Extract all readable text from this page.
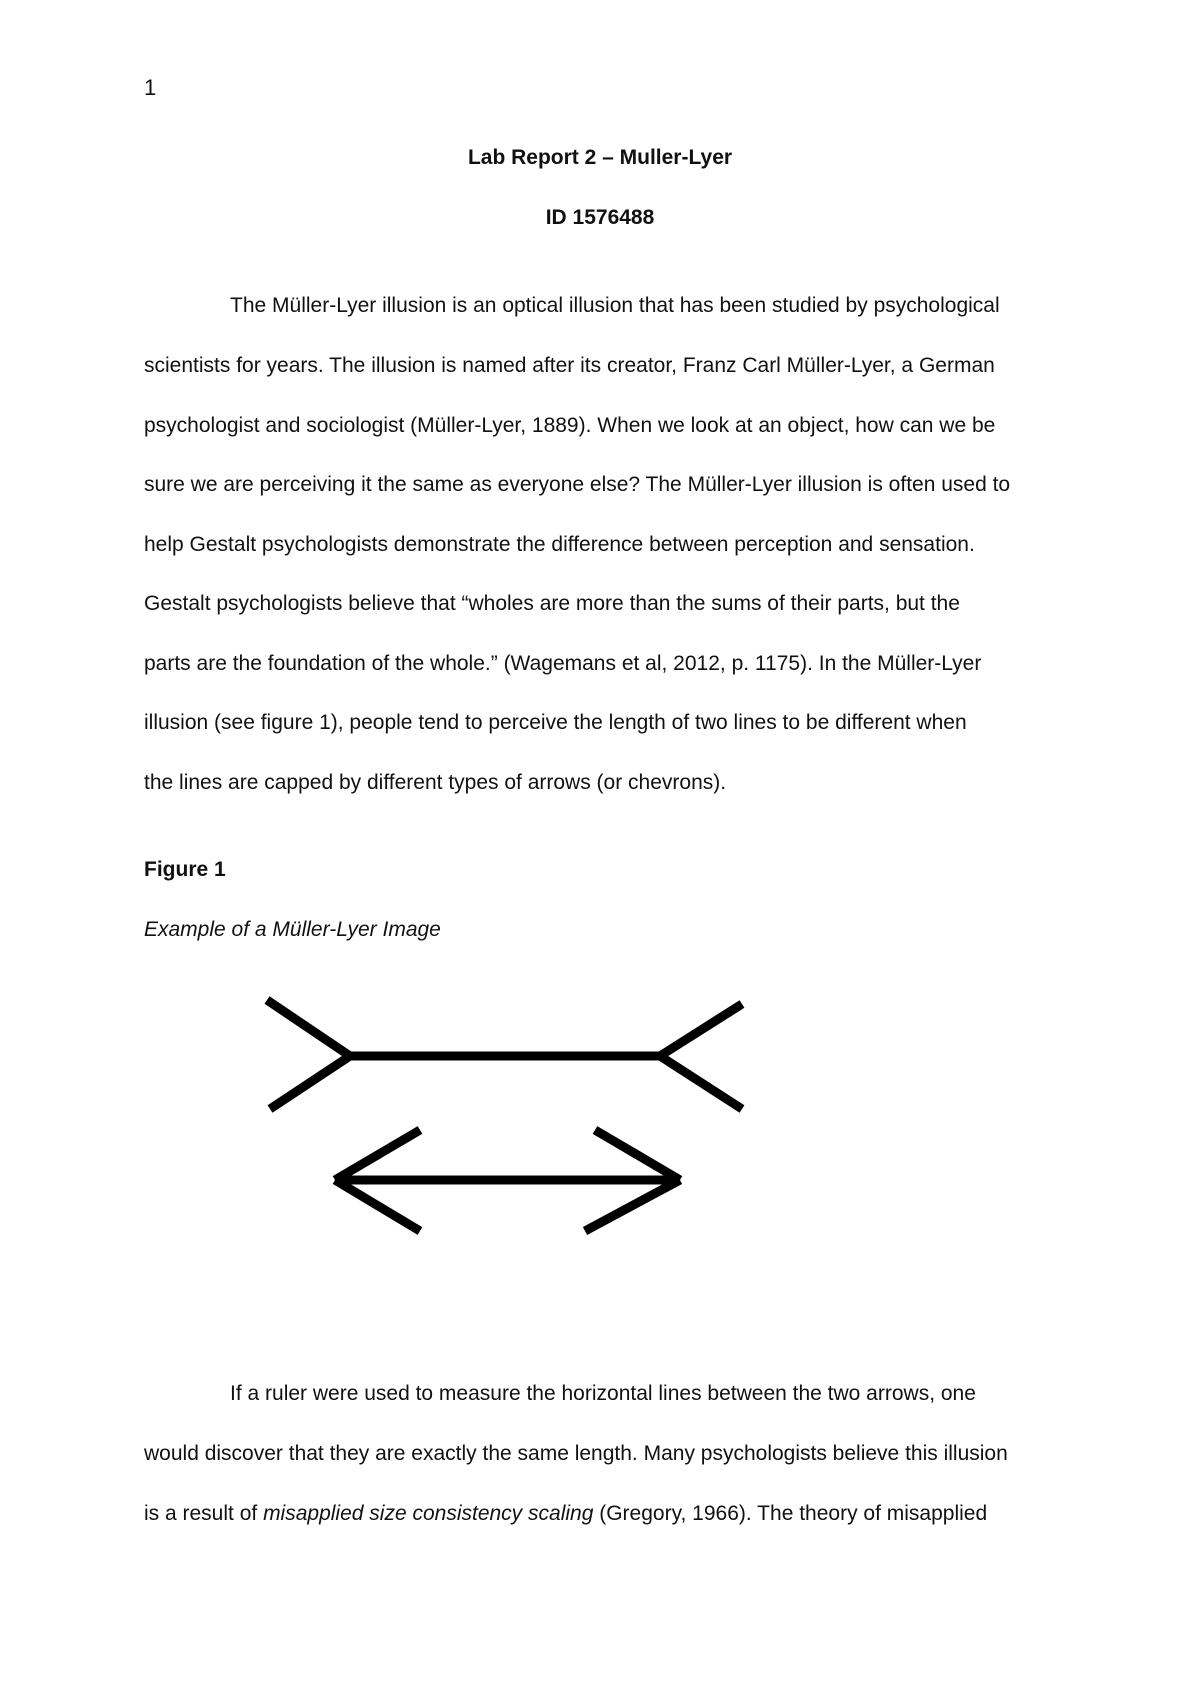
1
Lab Report 2 – Muller-Lyer
ID 1576488
The Müller-Lyer illusion is an optical illusion that has been studied by psychological
scientists for years. The illusion is named after its creator, Franz Carl Müller-Lyer, a German
psychologist and sociologist (Müller-Lyer, 1889). When we look at an object, how can we be
sure we are perceiving it the same as everyone else? The Müller-Lyer illusion is often used to
help Gestalt psychologists demonstrate the difference between perception and sensation.
Gestalt psychologists believe that “wholes are more than the sums of their parts, but the
parts are the foundation of the whole.” (Wagemans et al, 2012, p. 1175). In the Müller-Lyer
illusion (see figure 1), people tend to perceive the length of two lines to be different when
the lines are capped by different types of arrows (or chevrons).
Figure 1
Example of a Müller-Lyer Image
If a ruler were used to measure the horizontal lines between the two arrows, one
would discover that they are exactly the same length. Many psychologists believe this illusion
is a result of misapplied size consistency scaling (Gregory, 1966). The theory of misapplied
